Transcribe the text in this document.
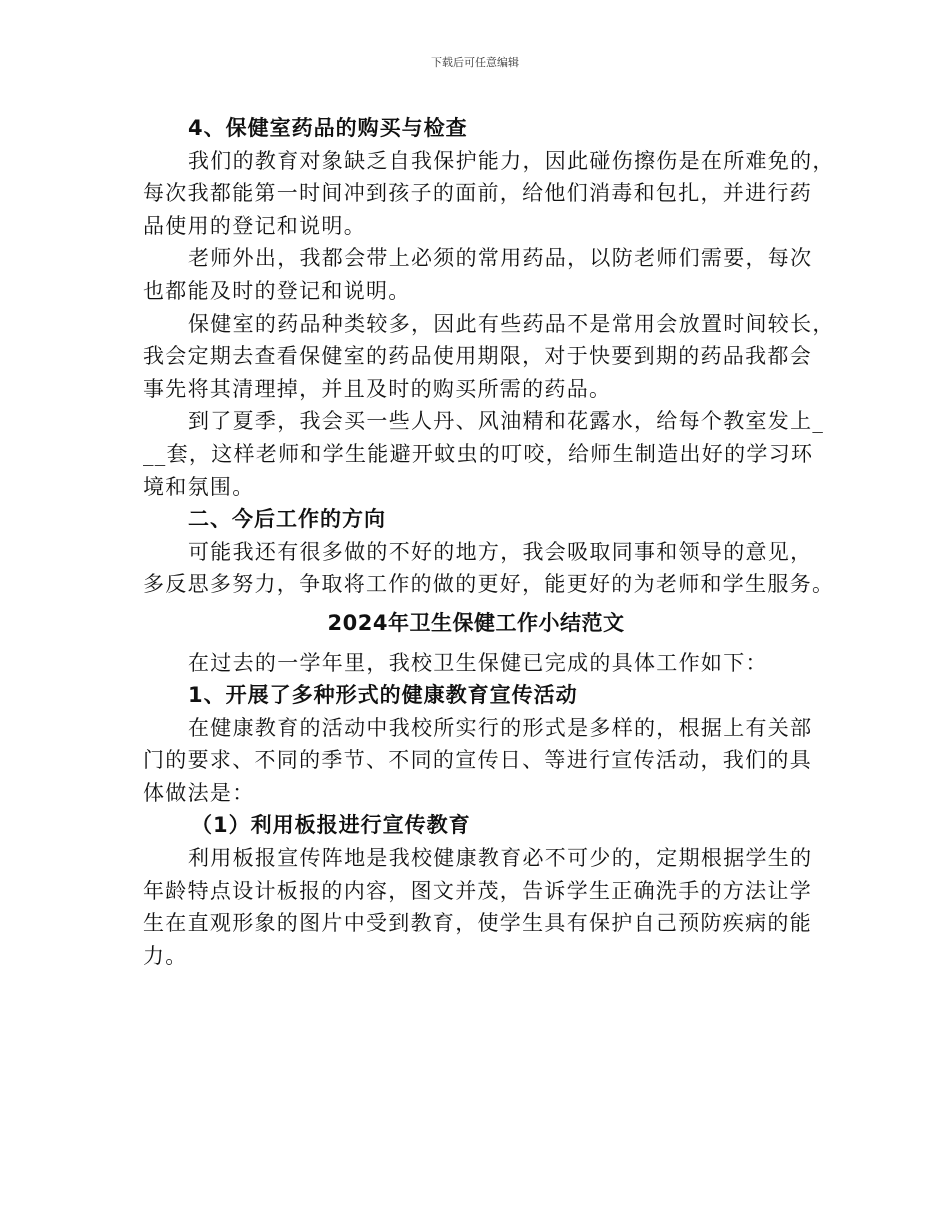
下载后可任意编辑
4、保健室药品的购买与检查
我们的教育对象缺乏自我保护能力，因此碰伤擦伤是在所难免的，
每次我都能第一时间冲到孩子的面前，给他们消毒和包扎，并进行药
品使用的登记和说明。
老师外出，我都会带上必须的常用药品，以防老师们需要，每次
也都能及时的登记和说明。
保健室的药品种类较多，因此有些药品不是常用会放置时间较长，
我会定期去查看保健室的药品使用期限，对于快要到期的药品我都会
事先将其清理掉，并且及时的购买所需的药品。
到了夏季，我会买一些人丹、风油精和花露水，给每个教室发上_
__套，这样老师和学生能避开蚊虫的叮咬，给师生制造出好的学习环
境和氛围。
二、今后工作的方向
可能我还有很多做的不好的地方，我会吸取同事和领导的意见，
多反思多努力，争取将工作的做的更好，能更好的为老师和学生服务。
2024年卫生保健工作小结范文
在过去的一学年里，我校卫生保健已完成的具体工作如下：
1、开展了多种形式的健康教育宣传活动
在健康教育的活动中我校所实行的形式是多样的，根据上有关部
门的要求、不同的季节、不同的宣传日、等进行宣传活动，我们的具
体做法是：
（1）利用板报进行宣传教育
利用板报宣传阵地是我校健康教育必不可少的，定期根据学生的
年龄特点设计板报的内容，图文并茂，告诉学生正确洗手的方法让学
生在直观形象的图片中受到教育，使学生具有保护自己预防疾病的能
力。
